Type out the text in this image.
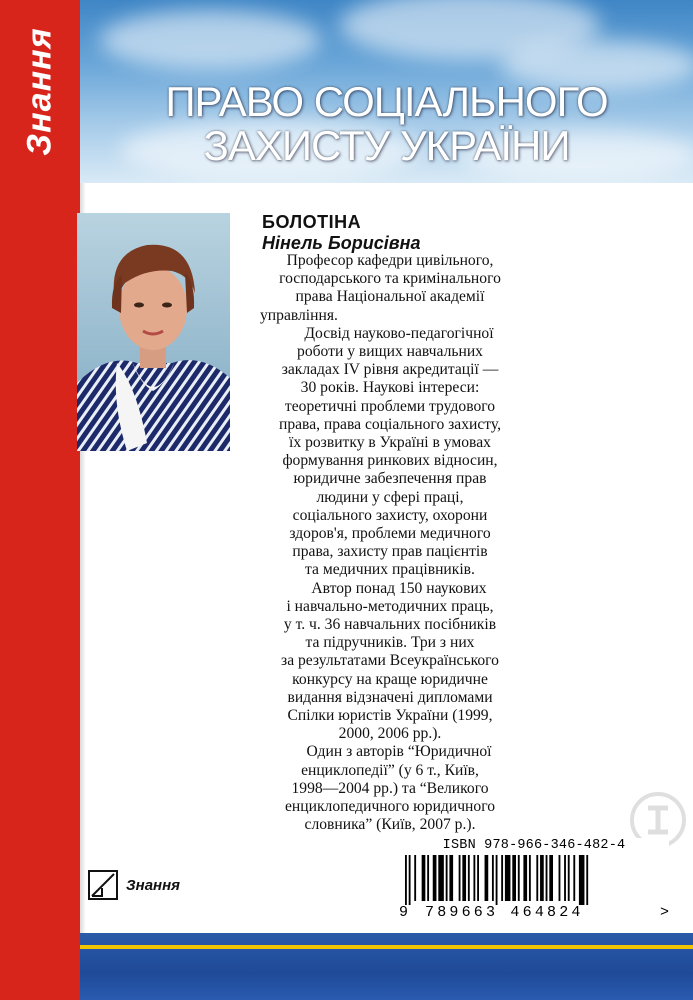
Знання	ПРАВО СОЦІАЛЬНОГО
ЗАХИСТУ УКРАЇНИ

БОЛОТІНА

Нінель Борисівна

Професор кафедри цивільного,
господарського та кримінального
права Національної академії
управління.

Досвід науково-педагогічної
роботи у вищих навчальних
закладах IV рівня акредитації —
30 років. Наукові інтереси:
теоретичні проблеми трудового
права, права соціального захисту,
їх розвитку в Україні в умовах
формування ринкових відносин,
юридичне забезпечення прав
людини у сфері праці,
соціального захисту, охорони
здоров'я, проблеми медичного
права, захисту прав пацієнтів
та медичних працівників.

Автор понад 150 наукових
і навчально-методичних праць,
у т. ч. 36 навчальних посібників
та підручників. Три з них
за результатами Всеукраїнського
конкурсу на краще юридичне
видання відзначені дипломами
Спілки юристів України (1999,
2000, 2006 рр.).

Один з авторів “Юридичної
енциклопедії” (у 6 т., Київ,
1998—2004 рр.) та “Великого
енциклопедичного юридичного
словника” (Київ, 2007 р.).

ISBN 978-966-346-482-4
9 789663 464824	>
Знання
